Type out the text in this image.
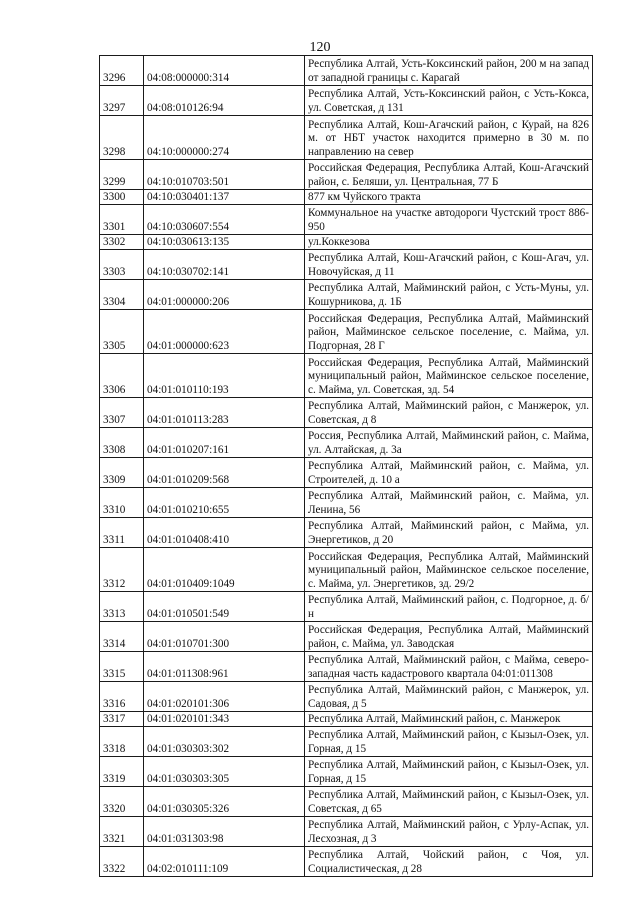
120
3296	04:08:000000:314	Республика Алтай, Усть-Коксинский район, 200 м на запад от западной границы с. Карагай
3297	04:08:010126:94	Республика Алтай, Усть-Коксинский район, с Усть-Кокса, ул. Советская, д 131
3298	04:10:000000:274	Республика Алтай, Кош-Агачский район, с Курай, на 826 м. от НБТ участок находится примерно в 30 м. по направлению на север
3299	04:10:010703:501	Российская Федерация, Республика Алтай, Кош-Агачский район, с. Беляши, ул. Центральная, 77 Б
3300	04:10:030401:137	877 км Чуйского тракта
3301	04:10:030607:554	Коммунальное на участке автодороги Чустский трост 886-950
3302	04:10:030613:135	ул.Коккезова
3303	04:10:030702:141	Республика Алтай, Кош-Агачский район, с Кош-Агач, ул. Новочуйская, д 11
3304	04:01:000000:206	Республика Алтай, Майминский район, с Усть-Муны, ул. Кошурникова, д. 1Б
3305	04:01:000000:623	Российская Федерация, Республика Алтай, Майминский район, Майминское сельское поселение, с. Майма, ул. Подгорная, 28 Г
3306	04:01:010110:193	Российская Федерация, Республика Алтай, Майминский муниципальный район, Майминское сельское поселение, с. Майма, ул. Советская, зд. 54
3307	04:01:010113:283	Республика Алтай, Майминский район, с Манжерок, ул. Советская, д 8
3308	04:01:010207:161	Россия, Республика Алтай, Майминский район, с. Майма, ул. Алтайская, д. 3а
3309	04:01:010209:568	Республика Алтай, Майминский район, с. Майма, ул. Строителей, д. 10 а
3310	04:01:010210:655	Республика Алтай, Майминский район, с. Майма, ул. Ленина, 56
3311	04:01:010408:410	Республика Алтай, Майминский район, с Майма, ул. Энергетиков, д 20
3312	04:01:010409:1049	Российская Федерация, Республика Алтай, Майминский муниципальный район, Майминское сельское поселение, с. Майма, ул. Энергетиков, зд. 29/2
3313	04:01:010501:549	Республика Алтай, Майминский район, с. Подгорное, д. б/н
3314	04:01:010701:300	Российская Федерация, Республика Алтай, Майминский район, с. Майма, ул. Заводская
3315	04:01:011308:961	Республика Алтай, Майминский район, с Майма, северо-западная часть кадастрового квартала 04:01:011308
3316	04:01:020101:306	Республика Алтай, Майминский район, с Манжерок, ул. Садовая, д 5
3317	04:01:020101:343	Республика Алтай, Майминский район, с. Манжерок
3318	04:01:030303:302	Республика Алтай, Майминский район, с Кызыл-Озек, ул. Горная, д 15
3319	04:01:030303:305	Республика Алтай, Майминский район, с Кызыл-Озек, ул. Горная, д 15
3320	04:01:030305:326	Республика Алтай, Майминский район, с Кызыл-Озек, ул. Советская, д 65
3321	04:01:031303:98	Республика Алтай, Майминский район, с Урлу-Аспак, ул. Лесхозная, д 3
3322	04:02:010111:109	Республика Алтай, Чойский район, с Чоя, ул. Социалистическая, д 28
